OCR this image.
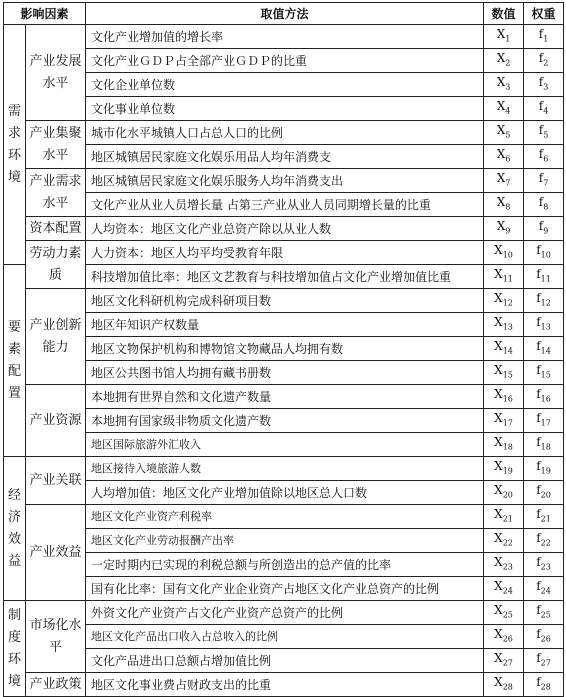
影响因素		取值方法	数值	权重

需求环境	产业发展水平	文化产业增加值的增长率	$X_1$	$f_1$
		文化产业ＧＤＰ占全部产业ＧＤＰ的比重	$X_2$	$f_2$
		文化企业单位数	$X_3$	$f_3$
		文化事业单位数	$X_4$	$f_4$
	产业集聚水平	城市化水平城镇人口占总人口的比例	$X_5$	$f_5$
		地区城镇居民家庭文化娱乐用品人均年消费支	$X_6$	$f_6$
	产业需求水平	地区城镇居民家庭文化娱乐服务人均年消费支出	$X_7$	$f_7$
		文化产业从业人员增长量 占第三产业从业人员同期增长量的比重	$X_8$	$f_8$
	资本配置	人均资本：地区文化产业总资产除以从业人数	$X_9$	$f_9$
	劳动力素质	人力资本：地区人均平均受教育年限	$X_{10}$	$f_{10}$

要素配置		科技增加值比率：地区文艺教育与科技增加值占文化产业增加值比重	$X_{11}$	$f_{11}$
	产业创新能力	地区文化科研机构完成科研项目数	$X_{12}$	$f_{12}$
		地区年知识产权数量	$X_{13}$	$f_{13}$
		地区文物保护机构和博物馆文物藏品人均拥有数	$X_{14}$	$f_{14}$
		地区公共图书馆人均拥有藏书册数	$X_{15}$	$f_{15}$
	产业资源	本地拥有世界自然和文化遗产数量	$X_{16}$	$f_{16}$
		本地拥有国家级非物质文化遗产数	$X_{17}$	$f_{17}$
		地区国际旅游外汇收入	$X_{18}$	$f_{18}$

经济效益	产业关联	地区接待入境旅游人数	$X_{19}$	$f_{19}$
		人均增加值：地区文化产业增加值除以地区总人口数	$X_{20}$	$f_{20}$
	产业效益	地区文化产业资产利税率	$X_{21}$	$f_{21}$
		地区文化产业劳动报酬产出率	$X_{22}$	$f_{22}$
		一定时期内已实现的利税总额与所创造出的总产值的比率	$X_{23}$	$f_{23}$
		国有化比率：国有文化产业企业资产占地区文化产业总资产的比例	$X_{24}$	$f_{24}$

制度环境	市场化水平	外资文化产业资产占文化产业资产总资产的比例	$X_{25}$	$f_{25}$
		地区文化产品出口收入占总收入的比例	$X_{26}$	$f_{26}$
		文化产品进出口总额占增加值比例	$X_{27}$	$f_{27}$
	产业政策	地区文化事业费占财政支出的比重	$X_{28}$	$f_{28}$
